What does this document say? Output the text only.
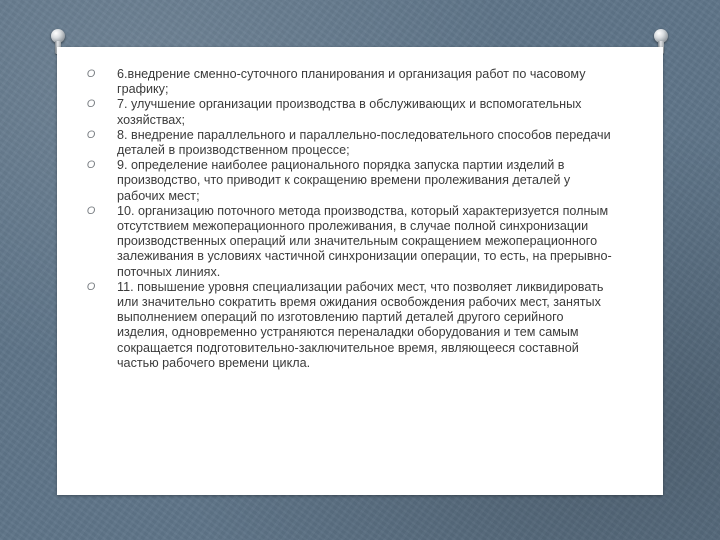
O	6.внедрение сменно-суточного планирования и организация работ по часовому графику;
O	7. улучшение организации производства в обслуживающих и вспомогательных хозяйствах;
O	8. внедрение параллельного и параллельно-последовательного способов передачи деталей в производственном процессе;
O	9. определение наиболее рационального порядка запуска партии изделий в производство, что приводит к сокращению времени пролеживания деталей у рабочих мест;
O	10. организацию поточного метода производства, который характеризуется полным отсутствием межоперационного пролеживания, в случае полной синхронизации производственных операций или значительным сокращением межоперационного залеживания в условиях частичной синхронизации операции, то есть, на прерывно-поточных линиях.
O	11. повышение уровня специализации рабочих мест, что позволяет ликвидировать или значительно сократить время ожидания освобождения рабочих мест, занятых выполнением операций по изготовлению партий деталей другого серийного изделия, одновременно устраняются переналадки оборудования и тем самым сокращается подготовительно-заключительное время, являющееся составной частью рабочего времени цикла.
